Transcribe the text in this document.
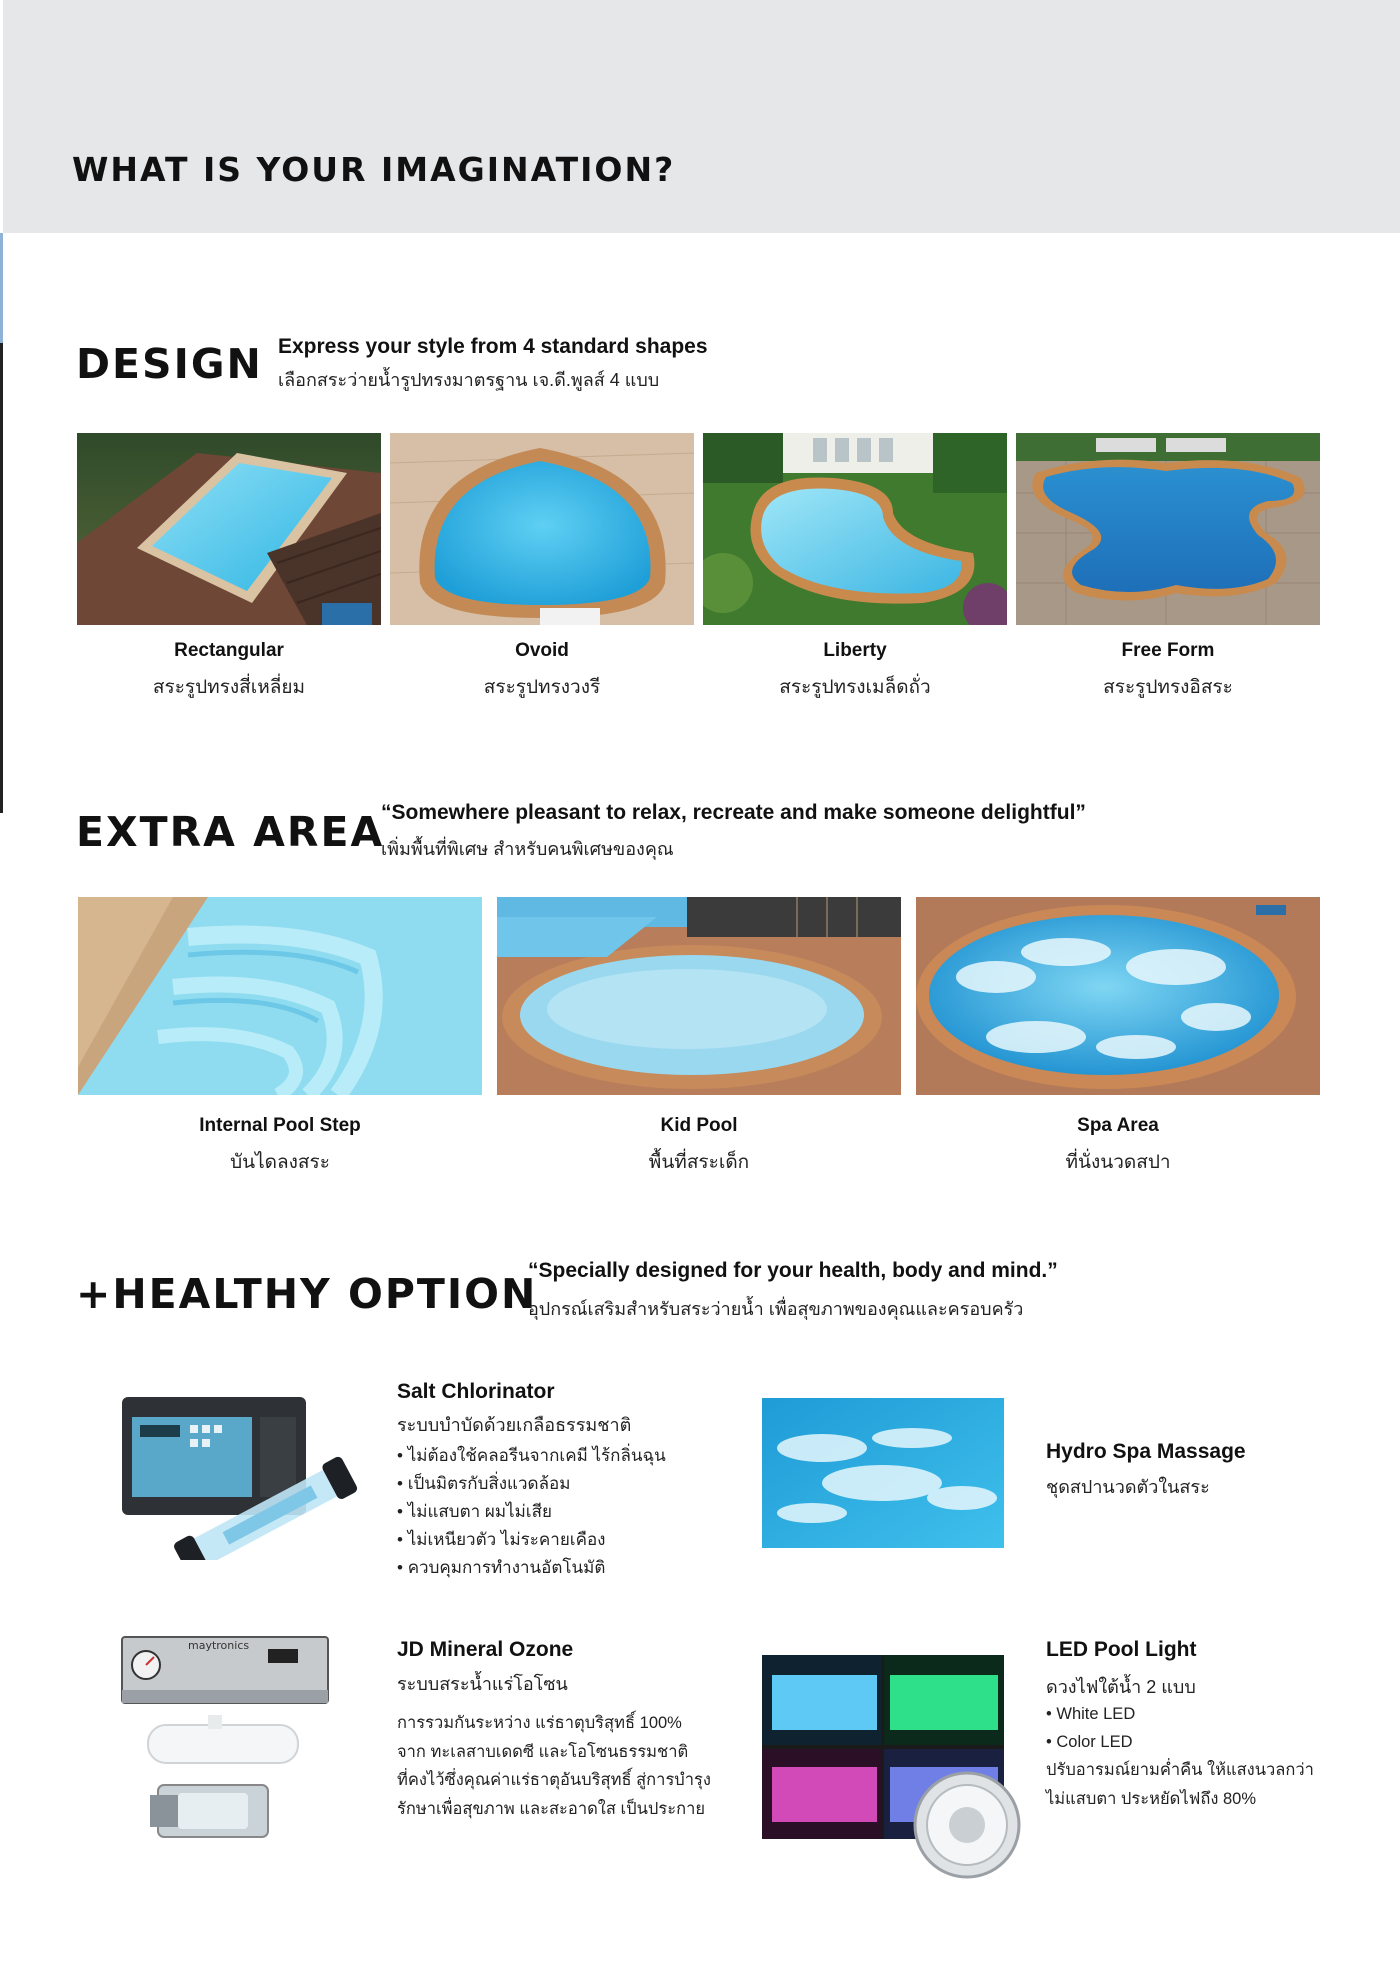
WHAT IS YOUR IMAGINATION?
DESIGN Express your style from 4 standard shapes
เลือกสระว่ายน้ำรูปทรงมาตรฐาน เจ.ดี.พูลส์ 4 แบบ
Rectangular
สระรูปทรงสี่เหลี่ยม
Ovoid
สระรูปทรงวงรี
Liberty
สระรูปทรงเมล็ดถั่ว
Free Form
สระรูปทรงอิสระ
EXTRA AREA
“Somewhere pleasant to relax, recreate and make someone delightful”
เพิ่มพื้นที่พิเศษ สำหรับคนพิเศษของคุณ
Internal Pool Step
บันไดลงสระ
Kid Pool
พื้นที่สระเด็ก
Spa Area
ที่นั่งนวดสปา
+HEALTHY OPTION
“Specially designed for your health, body and mind.”
อุปกรณ์เสริมสำหรับสระว่ายน้ำ เพื่อสุขภาพของคุณและครอบครัว
Salt Chlorinator
ระบบบำบัดด้วยเกลือธรรมชาติ
• ไม่ต้องใช้คลอรีนจากเคมี ไร้กลิ่นฉุน
• เป็นมิตรกับสิ่งแวดล้อม
• ไม่แสบตา ผมไม่เสีย
• ไม่เหนียวตัว ไม่ระคายเคือง
• ควบคุมการทำงานอัตโนมัติ
Hydro Spa Massage
ชุดสปานวดตัวในสระ
maytronics	JD Mineral Ozone
ระบบสระน้ำแร่โอโซน
การรวมกันระหว่าง แร่ธาตุบริสุทธิ์ 100%
จาก ทะเลสาบเดดซี และโอโซนธรรมชาติ
ที่คงไว้ซึ่งคุณค่าแร่ธาตุอันบริสุทธิ์ สู่การบำรุง
รักษาเพื่อสุขภาพ และสะอาดใส เป็นประกาย
LED Pool Light
ดวงไฟใต้น้ำ 2 แบบ
• White LED
• Color LED
ปรับอารมณ์ยามค่ำคืน ให้แสงนวลกว่า
ไม่แสบตา ประหยัดไฟถึง 80%
